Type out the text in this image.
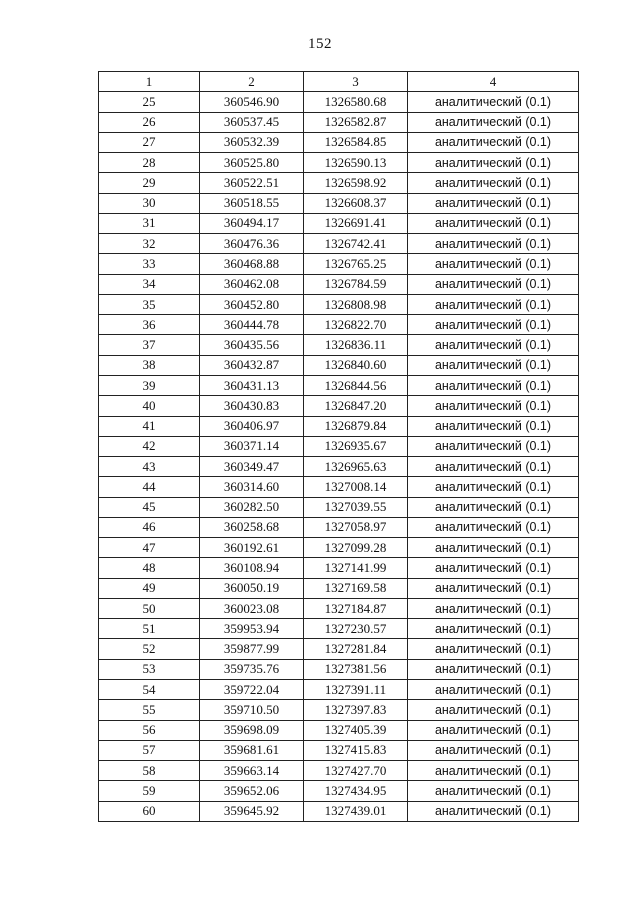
152
1	2	3	4
25	360546.90	1326580.68	аналитический (0.1)
26	360537.45	1326582.87	аналитический (0.1)
27	360532.39	1326584.85	аналитический (0.1)
28	360525.80	1326590.13	аналитический (0.1)
29	360522.51	1326598.92	аналитический (0.1)
30	360518.55	1326608.37	аналитический (0.1)
31	360494.17	1326691.41	аналитический (0.1)
32	360476.36	1326742.41	аналитический (0.1)
33	360468.88	1326765.25	аналитический (0.1)
34	360462.08	1326784.59	аналитический (0.1)
35	360452.80	1326808.98	аналитический (0.1)
36	360444.78	1326822.70	аналитический (0.1)
37	360435.56	1326836.11	аналитический (0.1)
38	360432.87	1326840.60	аналитический (0.1)
39	360431.13	1326844.56	аналитический (0.1)
40	360430.83	1326847.20	аналитический (0.1)
41	360406.97	1326879.84	аналитический (0.1)
42	360371.14	1326935.67	аналитический (0.1)
43	360349.47	1326965.63	аналитический (0.1)
44	360314.60	1327008.14	аналитический (0.1)
45	360282.50	1327039.55	аналитический (0.1)
46	360258.68	1327058.97	аналитический (0.1)
47	360192.61	1327099.28	аналитический (0.1)
48	360108.94	1327141.99	аналитический (0.1)
49	360050.19	1327169.58	аналитический (0.1)
50	360023.08	1327184.87	аналитический (0.1)
51	359953.94	1327230.57	аналитический (0.1)
52	359877.99	1327281.84	аналитический (0.1)
53	359735.76	1327381.56	аналитический (0.1)
54	359722.04	1327391.11	аналитический (0.1)
55	359710.50	1327397.83	аналитический (0.1)
56	359698.09	1327405.39	аналитический (0.1)
57	359681.61	1327415.83	аналитический (0.1)
58	359663.14	1327427.70	аналитический (0.1)
59	359652.06	1327434.95	аналитический (0.1)
60	359645.92	1327439.01	аналитический (0.1)
